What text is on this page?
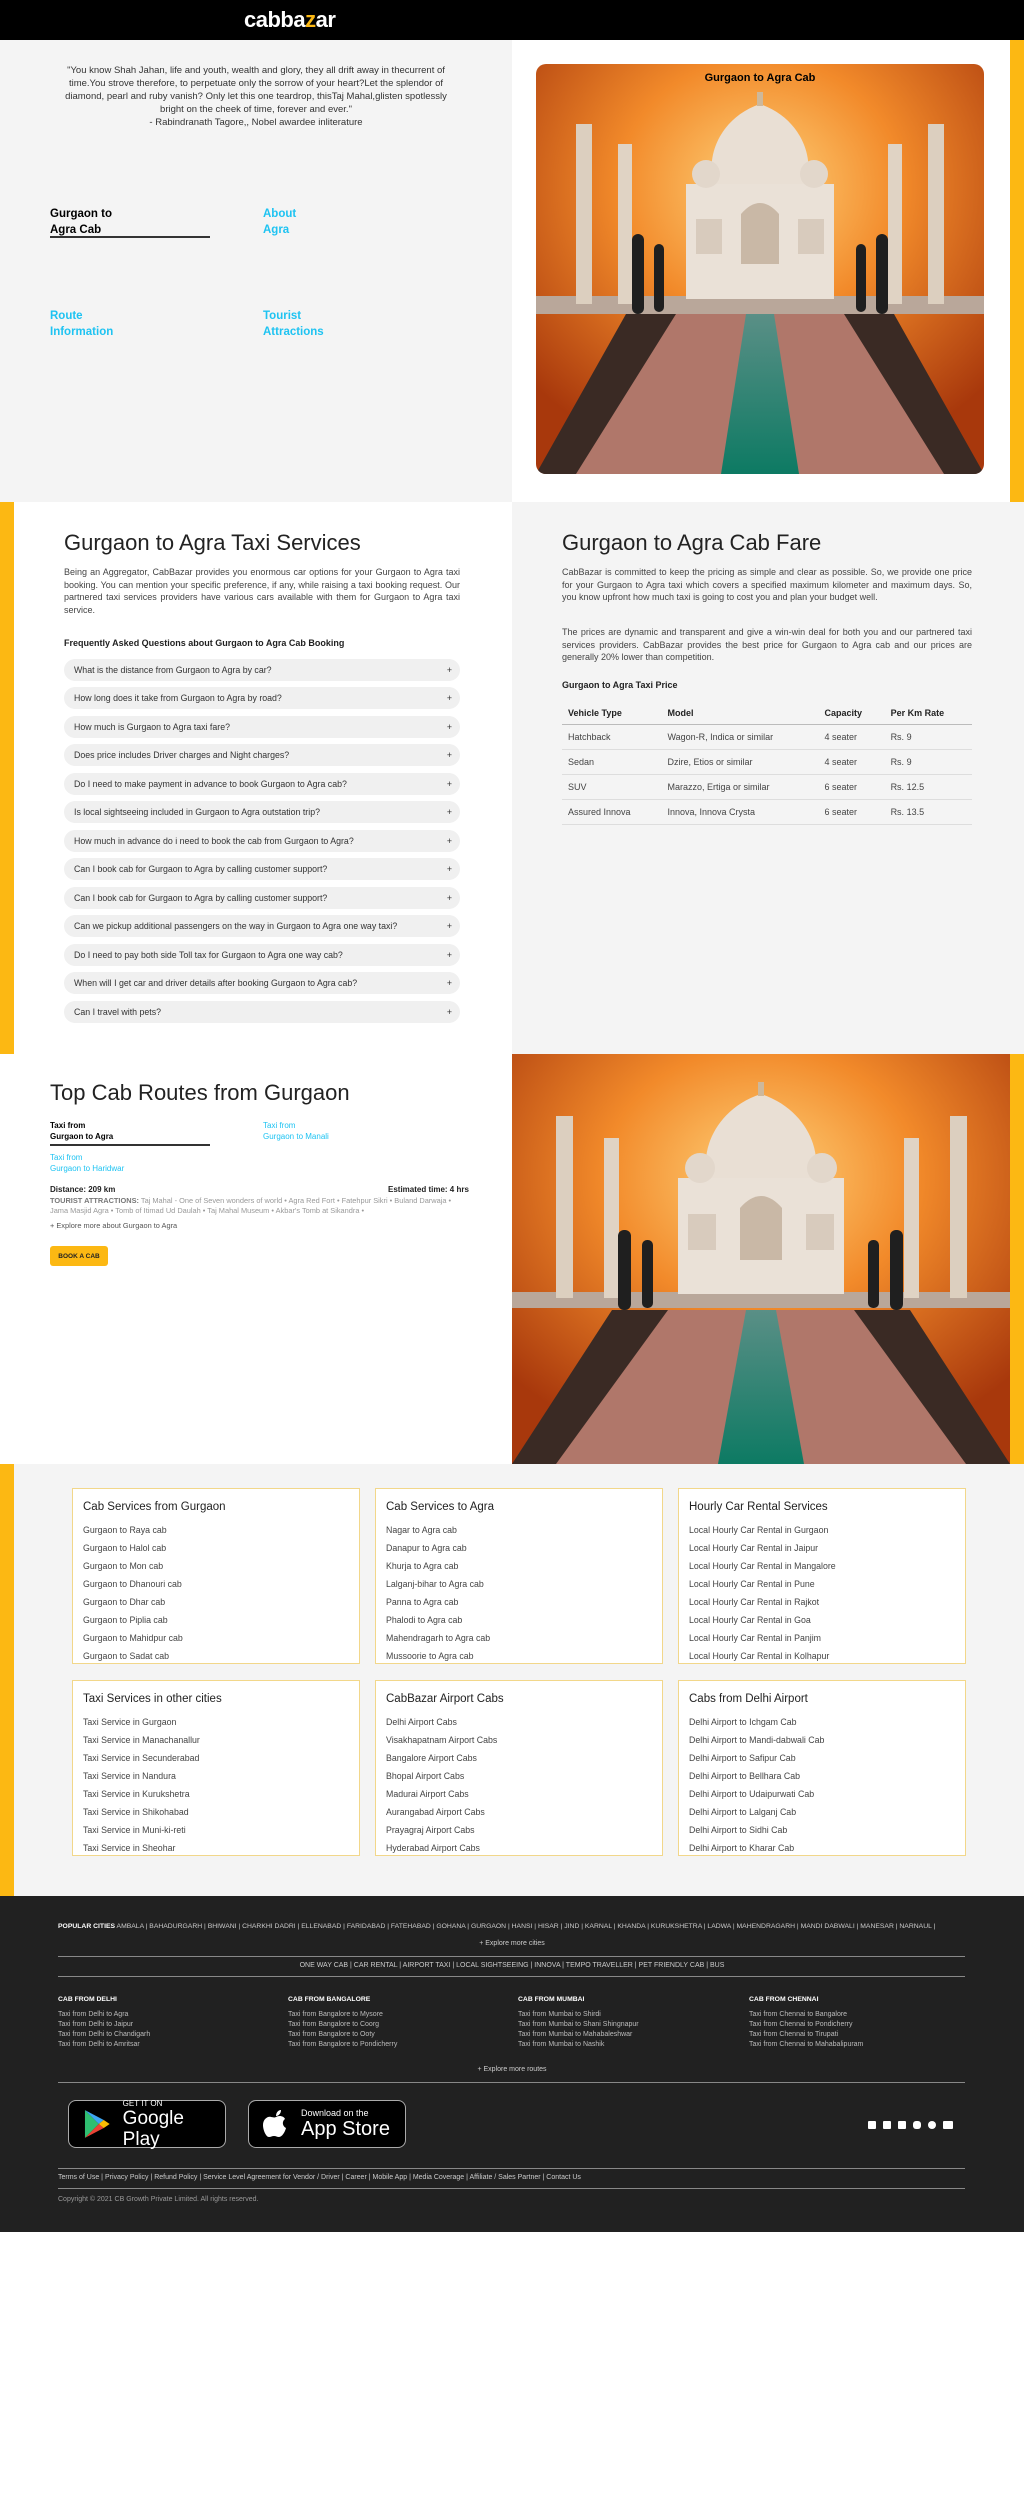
cabbazar
"You know Shah Jahan, life and youth, wealth and glory, they all drift away in thecurrent of time.You strove therefore, to perpetuate only the sorrow of your heart?Let the splendor of diamond, pearl and ruby vanish? Only let this one teardrop, thisTaj Mahal,glisten spotlessly bright on the cheek of time, forever and ever."
- Rabindranath Tagore,, Nobel awardee inliterature
Gurgaon to
Agra Cab
About
Agra
Route
Information
Tourist
Attractions
Gurgaon to Agra Cab
Gurgaon to Agra Taxi Services
Being an Aggregator, CabBazar provides you enormous car options for your Gurgaon to Agra taxi booking. You can mention your specific preference, if any, while raising a taxi booking request. Our partnered taxi services providers have various cars available with them for Gurgaon to Agra taxi service.
Frequently Asked Questions about Gurgaon to Agra Cab Booking
What is the distance from Gurgaon to Agra by car?	+
How long does it take from Gurgaon to Agra by road?	+
How much is Gurgaon to Agra taxi fare?	+
Does price includes Driver charges and Night charges?	+
Do I need to make payment in advance to book Gurgaon to Agra cab?	+
Is local sightseeing included in Gurgaon to Agra outstation trip?	+
How much in advance do i need to book the cab from Gurgaon to Agra?	+
Can I book cab for Gurgaon to Agra by calling customer support?	+
Can I book cab for Gurgaon to Agra by calling customer support?	+
Can we pickup additional passengers on the way in Gurgaon to Agra one way taxi?	+
Do I need to pay both side Toll tax for Gurgaon to Agra one way cab?	+
When will I get car and driver details after booking Gurgaon to Agra cab?	+
Can I travel with pets?	+
Gurgaon to Agra Cab Fare
CabBazar is committed to keep the pricing as simple and clear as possible. So, we provide one price for your Gurgaon to Agra taxi which covers a specified maximum kilometer and maximum days. So, you know upfront how much taxi is going to cost you and plan your budget well.
The prices are dynamic and transparent and give a win-win deal for both you and our partnered taxi services providers. CabBazar provides the best price for Gurgaon to Agra cab and our prices are generally 20% lower than competition.
Gurgaon to Agra Taxi Price
Vehicle Type	Model	Capacity	Per Km Rate
Hatchback	Wagon-R, Indica or similar	4 seater	Rs. 9
Sedan	Dzire, Etios or similar	4 seater	Rs. 9
SUV	Marazzo, Ertiga or similar	6 seater	Rs. 12.5
Assured Innova	Innova, Innova Crysta	6 seater	Rs. 13.5
Top Cab Routes from Gurgaon
Taxi from
Gurgaon to Agra
Taxi from
Gurgaon to Manali
Taxi from
Gurgaon to Haridwar
Distance: 209 km	Estimated time: 4 hrs
TOURIST ATTRACTIONS: Taj Mahal - One of Seven wonders of world • Agra Red Fort • Fatehpur Sikri • Buland Darwaja • Jama Masjid Agra • Tomb of Itimad Ud Daulah • Taj Mahal Museum • Akbar's Tomb at Sikandra •
+ Explore more about Gurgaon to Agra
BOOK A CAB
Cab Services from Gurgaon
Gurgaon to Raya cab
Gurgaon to Halol cab
Gurgaon to Mon cab
Gurgaon to Dhanouri cab
Gurgaon to Dhar cab
Gurgaon to Piplia cab
Gurgaon to Mahidpur cab
Gurgaon to Sadat cab
Cab Services to Agra
Nagar to Agra cab
Danapur to Agra cab
Khurja to Agra cab
Lalganj-bihar to Agra cab
Panna to Agra cab
Phalodi to Agra cab
Mahendragarh to Agra cab
Mussoorie to Agra cab
Hourly Car Rental Services
Local Hourly Car Rental in Gurgaon
Local Hourly Car Rental in Jaipur
Local Hourly Car Rental in Mangalore
Local Hourly Car Rental in Pune
Local Hourly Car Rental in Rajkot
Local Hourly Car Rental in Goa
Local Hourly Car Rental in Panjim
Local Hourly Car Rental in Kolhapur
Taxi Services in other cities
Taxi Service in Gurgaon
Taxi Service in Manachanallur
Taxi Service in Secunderabad
Taxi Service in Nandura
Taxi Service in Kurukshetra
Taxi Service in Shikohabad
Taxi Service in Muni-ki-reti
Taxi Service in Sheohar
CabBazar Airport Cabs
Delhi Airport Cabs
Visakhapatnam Airport Cabs
Bangalore Airport Cabs
Bhopal Airport Cabs
Madurai Airport Cabs
Aurangabad Airport Cabs
Prayagraj Airport Cabs
Hyderabad Airport Cabs
Cabs from Delhi Airport
Delhi Airport to Ichgam Cab
Delhi Airport to Mandi-dabwali Cab
Delhi Airport to Safipur Cab
Delhi Airport to Bellhara Cab
Delhi Airport to Udaipurwati Cab
Delhi Airport to Lalganj Cab
Delhi Airport to Sidhi Cab
Delhi Airport to Kharar Cab
POPULAR CITIES AMBALA | BAHADURGARH | BHIWANI | CHARKHI DADRI | ELLENABAD | FARIDABAD | FATEHABAD | GOHANA | GURGAON | HANSI | HISAR | JIND | KARNAL | KHANDA | KURUKSHETRA | LADWA | MAHENDRAGARH | MANDI DABWALI | MANESAR | NARNAUL |
+ Explore more cities
ONE WAY CAB | CAR RENTAL | AIRPORT TAXI | LOCAL SIGHTSEEING | INNOVA | TEMPO TRAVELLER | PET FRIENDLY CAB | BUS
CAB FROM DELHI
Taxi from Delhi to Agra
Taxi from Delhi to Jaipur
Taxi from Delhi to Chandigarh
Taxi from Delhi to Amritsar
CAB FROM BANGALORE
Taxi from Bangalore to Mysore
Taxi from Bangalore to Coorg
Taxi from Bangalore to Ooty
Taxi from Bangalore to Pondicherry
CAB FROM MUMBAI
Taxi from Mumbai to Shirdi
Taxi from Mumbai to Shani Shingnapur
Taxi from Mumbai to Mahabaleshwar
Taxi from Mumbai to Nashik
CAB FROM CHENNAI
Taxi from Chennai to Bangalore
Taxi from Chennai to Pondicherry
Taxi from Chennai to Tirupati
Taxi from Chennai to Mahabalipuram
+ Explore more routes
GET IT ON
Google Play
Download on the
App Store
Terms of Use | Privacy Policy | Refund Policy | Service Level Agreement for Vendor / Driver | Career | Mobile App | Media Coverage | Affiliate / Sales Partner | Contact Us
Copyright © 2021 CB Growth Private Limited. All rights reserved.
